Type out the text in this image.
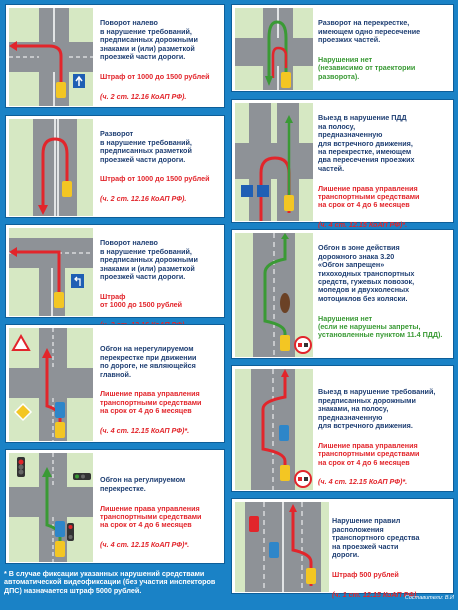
Поворот налево
в нарушение требований,
предписанных дорожными
знаками и (или) разметкой
проезжей части дороги.

Штраф от 1000 до 1500 рублей

(ч. 2 ст. 12.16 КоАП РФ).

Разворот
в нарушение требований,
предписанных разметкой
проезжей части дороги.

Штраф от 1000 до 1500 рублей

(ч. 2 ст. 12.16 КоАП РФ).

Поворот налево
в нарушение требований,
предписанных дорожными
знаками и (или) разметкой
проезжей части дороги.

Штраф
от 1000 до 1500 рублей

Обгон на нерегулируемом
перекрестке при движении
по дороге, не являющейся
главной.

Лишение права управления
транспортными средствами
на срок от 4 до 6 месяцев

(ч. 4 ст. 12.15 КоАП РФ)*.

Обгон на регулируемом
перекрестке.

Лишение права управления
транспортными средствами
на срок от 4 до 6 месяцев

(ч. 4 ст. 12.15 КоАП РФ)*.

Разворот на перекрестке,
имеющем одно пересечение
проезжих частей.

Нарушения нет
(независимо от траектории
разворота).

Выезд в нарушение ПДД
на полосу,
предназначенную
для встречного движения,
на перекрестке, имеющем
два пересечения проезжих
частей.

Лишение права управления
транспортными средствами
на срок от 4 до 6 месяцев

(ч. 4 ст. 12.15 КоАП РФ)*.

Обгон в зоне действия
дорожного знака 3.20
«Обгон запрещен»
тихоходных транспортных
средств, гужевых повозок,
мопедов и двухколесных
мотоциклов без коляски.

Нарушения нет
(если не нарушены запреты,
установленные пунктом 11.4 ПДД).

Выезд в нарушение требований,
предписанных дорожными
знаками, на полосу,
предназначенную
для встречного движения.

Лишение права управления
транспортными средствами
на срок от 4 до 6 месяцев

(ч. 4 ст. 12.15 КоАП РФ)*.

Нарушение правил
расположения
транспортного средства
на проезжей части
дороги.

Штраф 500 рублей

(ч. 1 ст. 12.15 КоАП РФ).

* В случае фиксации указанных нарушений средствами автоматической видеофиксации (без участия инспекторов ДПС) назначается штраф 5000 рублей.
Составители: В.И
